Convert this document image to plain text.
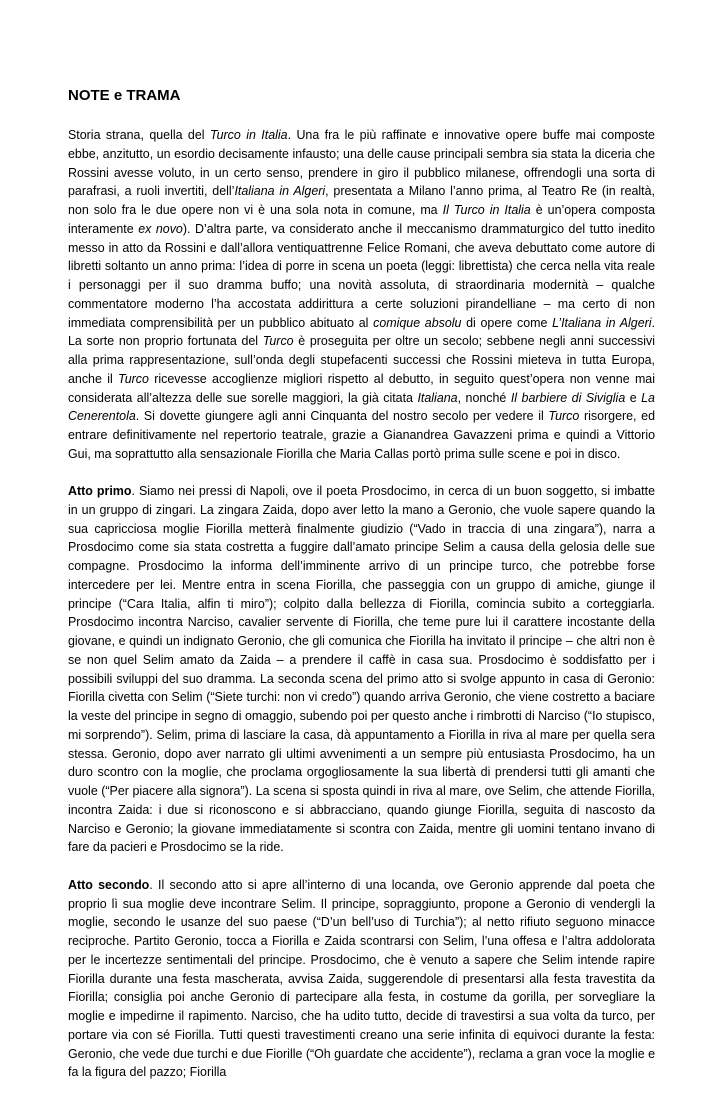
NOTE e TRAMA

Storia strana, quella del Turco in Italia. Una fra le più raffinate e innovative opere buffe mai composte ebbe, anzitutto, un esordio decisamente infausto; una delle cause principali sembra sia stata la diceria che Rossini avesse voluto, in un certo senso, prendere in giro il pubblico milanese, offrendogli una sorta di parafrasi, a ruoli invertiti, dell’Italiana in Algeri, presentata a Milano l’anno prima, al Teatro Re (in realtà, non solo fra le due opere non vi è una sola nota in comune, ma Il Turco in Italia è un’opera composta interamente ex novo). D’altra parte, va considerato anche il meccanismo drammaturgico del tutto inedito messo in atto da Rossini e dall’allora ventiquattrenne Felice Romani, che aveva debuttato come autore di libretti soltanto un anno prima: l’idea di porre in scena un poeta (leggi: librettista) che cerca nella vita reale i personaggi per il suo dramma buffo; una novità assoluta, di straordinaria modernità – qualche commentatore moderno l’ha accostata addirittura a certe soluzioni pirandelliane – ma certo di non immediata comprensibilità per un pubblico abituato al comique absolu di opere come L’Italiana in Algeri. La sorte non proprio fortunata del Turco è proseguita per oltre un secolo; sebbene negli anni successivi alla prima rappresentazione, sull’onda degli stupefacenti successi che Rossini mieteva in tutta Europa, anche il Turco ricevesse accoglienze migliori rispetto al debutto, in seguito quest’opera non venne mai considerata all’altezza delle sue sorelle maggiori, la già citata Italiana, nonché Il barbiere di Siviglia e La Cenerentola. Si dovette giungere agli anni Cinquanta del nostro secolo per vedere il Turco risorgere, ed entrare definitivamente nel repertorio teatrale, grazie a Gianandrea Gavazzeni prima e quindi a Vittorio Gui, ma soprattutto alla sensazionale Fiorilla che Maria Callas portò prima sulle scene e poi in disco.

Atto primo. Siamo nei pressi di Napoli, ove il poeta Prosdocimo, in cerca di un buon soggetto, si imbatte in un gruppo di zingari. La zingara Zaida, dopo aver letto la mano a Geronio, che vuole sapere quando la sua capricciosa moglie Fiorilla metterà finalmente giudizio (“Vado in traccia di una zingara”), narra a Prosdocimo come sia stata costretta a fuggire dall’amato principe Selim a causa della gelosia delle sue compagne. Prosdocimo la informa dell’imminente arrivo di un principe turco, che potrebbe forse intercedere per lei. Mentre entra in scena Fiorilla, che passeggia con un gruppo di amiche, giunge il principe (“Cara Italia, alfin ti miro”); colpito dalla bellezza di Fiorilla, comincia subito a corteggiarla. Prosdocimo incontra Narciso, cavalier servente di Fiorilla, che teme pure lui il carattere incostante della giovane, e quindi un indignato Geronio, che gli comunica che Fiorilla ha invitato il principe – che altri non è se non quel Selim amato da Zaida – a prendere il caffè in casa sua. Prosdocimo è soddisfatto per i possibili sviluppi del suo dramma. La seconda scena del primo atto si svolge appunto in casa di Geronio: Fiorilla civetta con Selim (“Siete turchi: non vi credo”) quando arriva Geronio, che viene costretto a baciare la veste del principe in segno di omaggio, subendo poi per questo anche i rimbrotti di Narciso (“Io stupisco, mi sorprendo”). Selim, prima di lasciare la casa, dà appuntamento a Fiorilla in riva al mare per quella sera stessa. Geronio, dopo aver narrato gli ultimi avvenimenti a un sempre più entusiasta Prosdocimo, ha un duro scontro con la moglie, che proclama orgogliosamente la sua libertà di prendersi tutti gli amanti che vuole (“Per piacere alla signora”). La scena si sposta quindi in riva al mare, ove Selim, che attende Fiorilla, incontra Zaida: i due si riconoscono e si abbracciano, quando giunge Fiorilla, seguita di nascosto da Narciso e Geronio; la giovane immediatamente si scontra con Zaida, mentre gli uomini tentano invano di fare da pacieri e Prosdocimo se la ride.

Atto secondo. Il secondo atto si apre all’interno di una locanda, ove Geronio apprende dal poeta che proprio lì sua moglie deve incontrare Selim. Il principe, sopraggiunto, propone a Geronio di vendergli la moglie, secondo le usanze del suo paese (“D’un bell’uso di Turchia”); al netto rifiuto seguono minacce reciproche. Partito Geronio, tocca a Fiorilla e Zaida scontrarsi con Selim, l’una offesa e l’altra addolorata per le incertezze sentimentali del principe. Prosdocimo, che è venuto a sapere che Selim intende rapire Fiorilla durante una festa mascherata, avvisa Zaida, suggerendole di presentarsi alla festa travestita da Fiorilla; consiglia poi anche Geronio di partecipare alla festa, in costume da gorilla, per sorvegliare la moglie e impedirne il rapimento. Narciso, che ha udito tutto, decide di travestirsi a sua volta da turco, per portare via con sé Fiorilla. Tutti questi travestimenti creano una serie infinita di equivoci durante la festa: Geronio, che vede due turchi e due Fiorille (“Oh guardate che accidente”), reclama a gran voce la moglie e fa la figura del pazzo; Fiorilla
